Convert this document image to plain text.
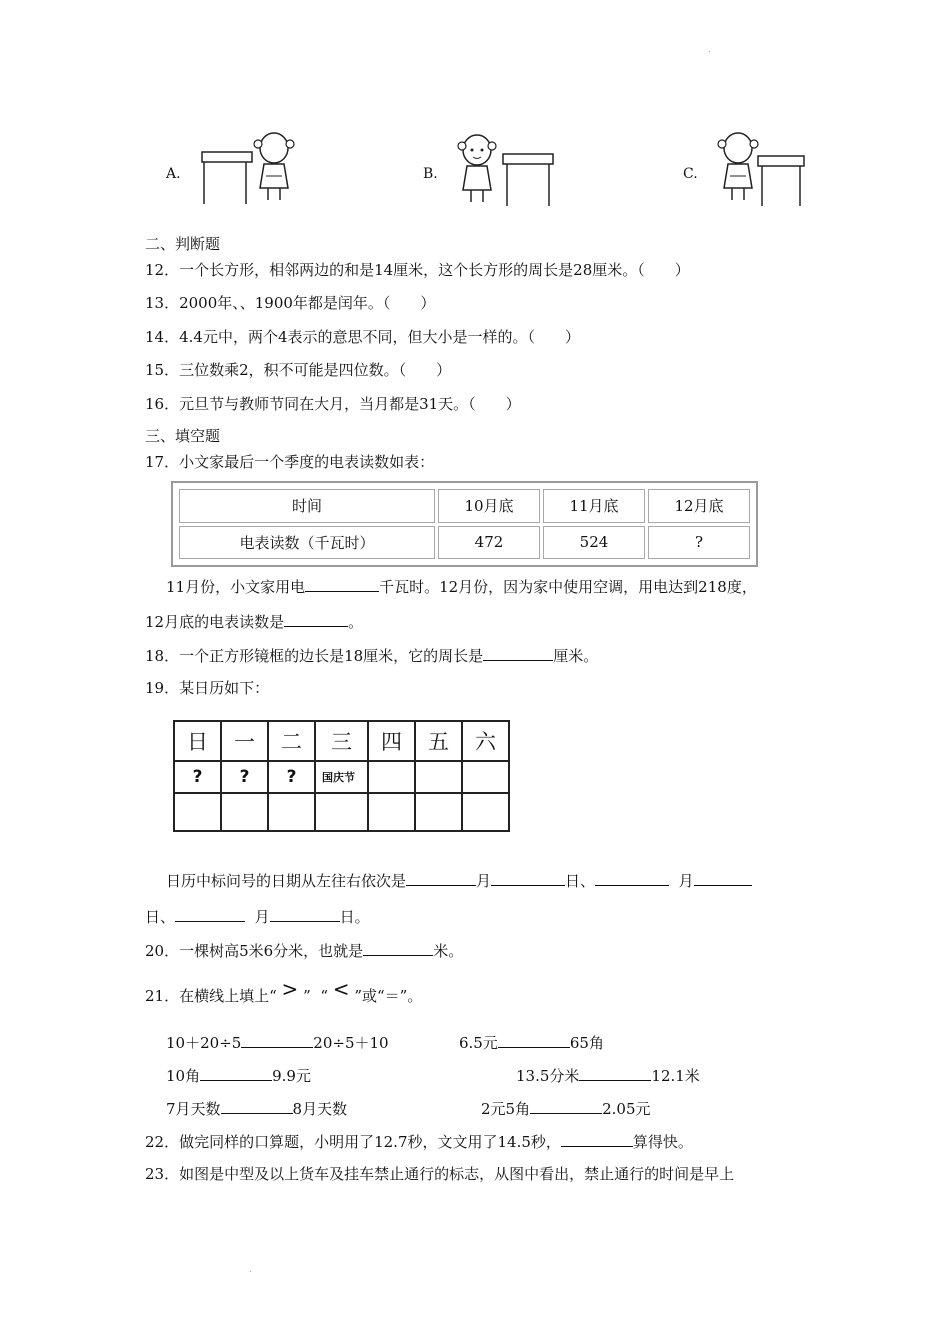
﹒
A.	B.	C.
二、判断题
12．一个长方形，相邻两边的和是14厘米，这个长方形的周长是28厘米。（　　）
13．2000年、、1900年都是闰年。（　　）
14．4.4元中，两个4表示的意思不同，但大小是一样的。（　　）
15．三位数乘2，积不可能是四位数。（　　）
16．元旦节与教师节同在大月，当月都是31天。（　　）
三、填空题
17．小文家最后一个季度的电表读数如表：
时间	10月底	11月底	12月底
电表读数（千瓦时）	472	524	?
11月份，小文家用电	千瓦时。12月份，因为家中使用空调，用电达到218度，
12月底的电表读数是	。
18．一个正方形镜框的边长是18厘米，它的周长是	厘米。
19．某日历如下：
日	一	二	三	四	五	六
?	?	?	国庆节			

日历中标问号的日期从左往右依次是	月	日、	月
日、	月	日。
20．一棵树高5米6分米，也就是	米。
21．在横线上填上“ > ” “ < ”或“＝”。
10＋20÷5	20÷5＋10	6.5元	65角
10角	9.9元	13.5分米	12.1米
7月天数	8月天数	2元5角	2.05元
22．做完同样的口算题，小明用了12.7秒，文文用了14.5秒，	算得快。
23．如图是中型及以上货车及挂车禁止通行的标志，从图中看出，禁止通行的时间是早上
﹒
